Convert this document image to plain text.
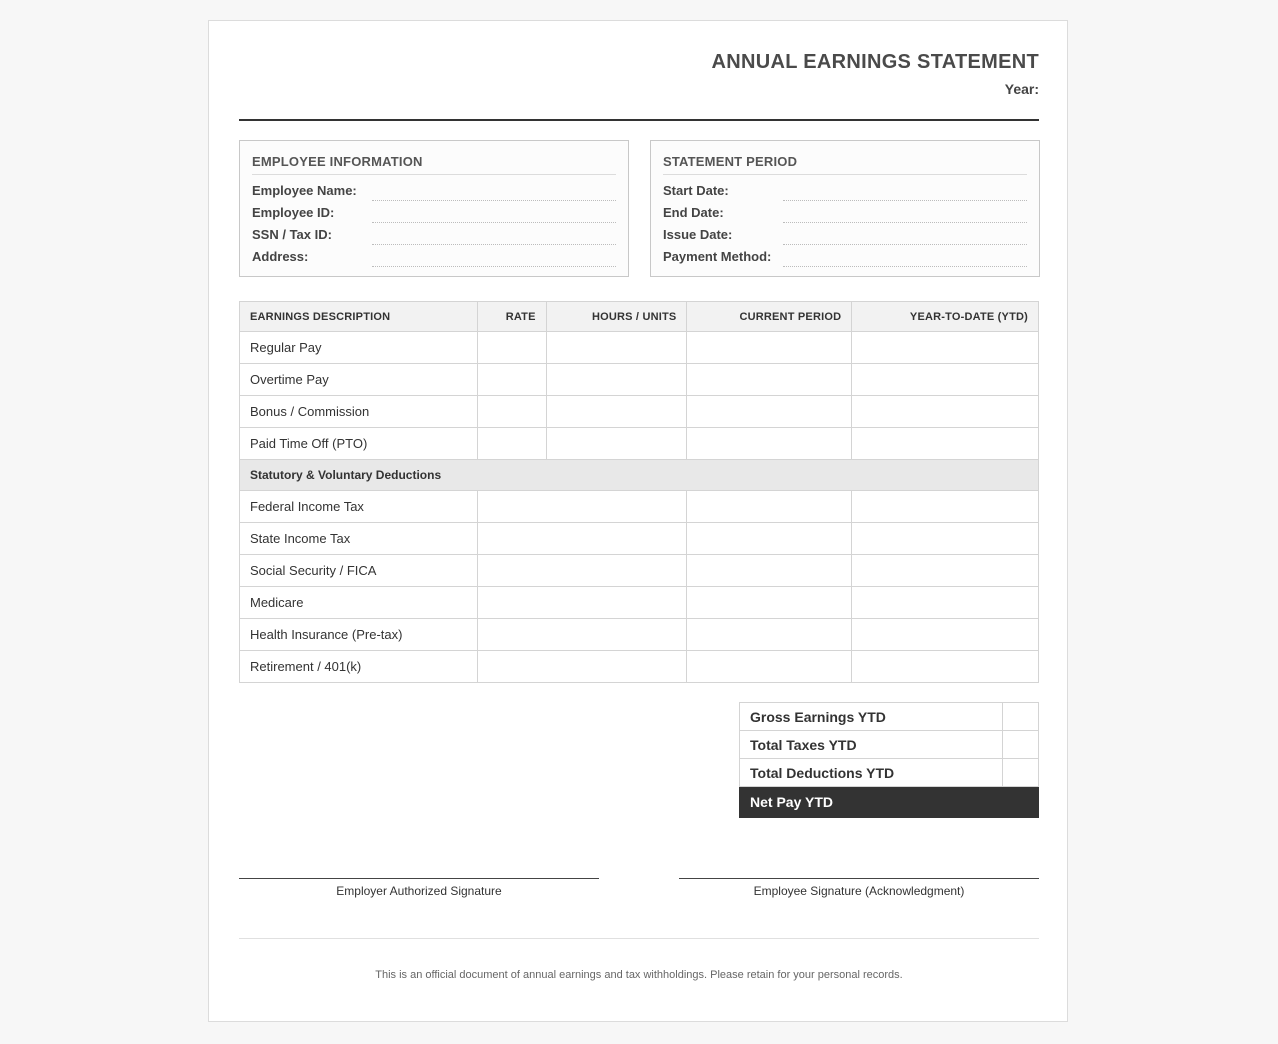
ANNUAL EARNINGS STATEMENT
Year:
EMPLOYEE INFORMATION
Employee Name:
Employee ID:
SSN / Tax ID:
Address:
STATEMENT PERIOD
Start Date:
End Date:
Issue Date:
Payment Method:
EARNINGS DESCRIPTION	RATE	HOURS / UNITS	CURRENT PERIOD	YEAR-TO-DATE (YTD)
Regular Pay				
Overtime Pay				
Bonus / Commission				
Paid Time Off (PTO)				
Statutory & Voluntary Deductions				
Federal Income Tax				
State Income Tax				
Social Security / FICA				
Medicare				
Health Insurance (Pre-tax)				
Retirement / 401(k)				
Gross Earnings YTD	
Total Taxes YTD	
Total Deductions YTD	
Net Pay YTD	
Employer Authorized Signature	Employee Signature (Acknowledgment)
This is an official document of annual earnings and tax withholdings. Please retain for your personal records.
